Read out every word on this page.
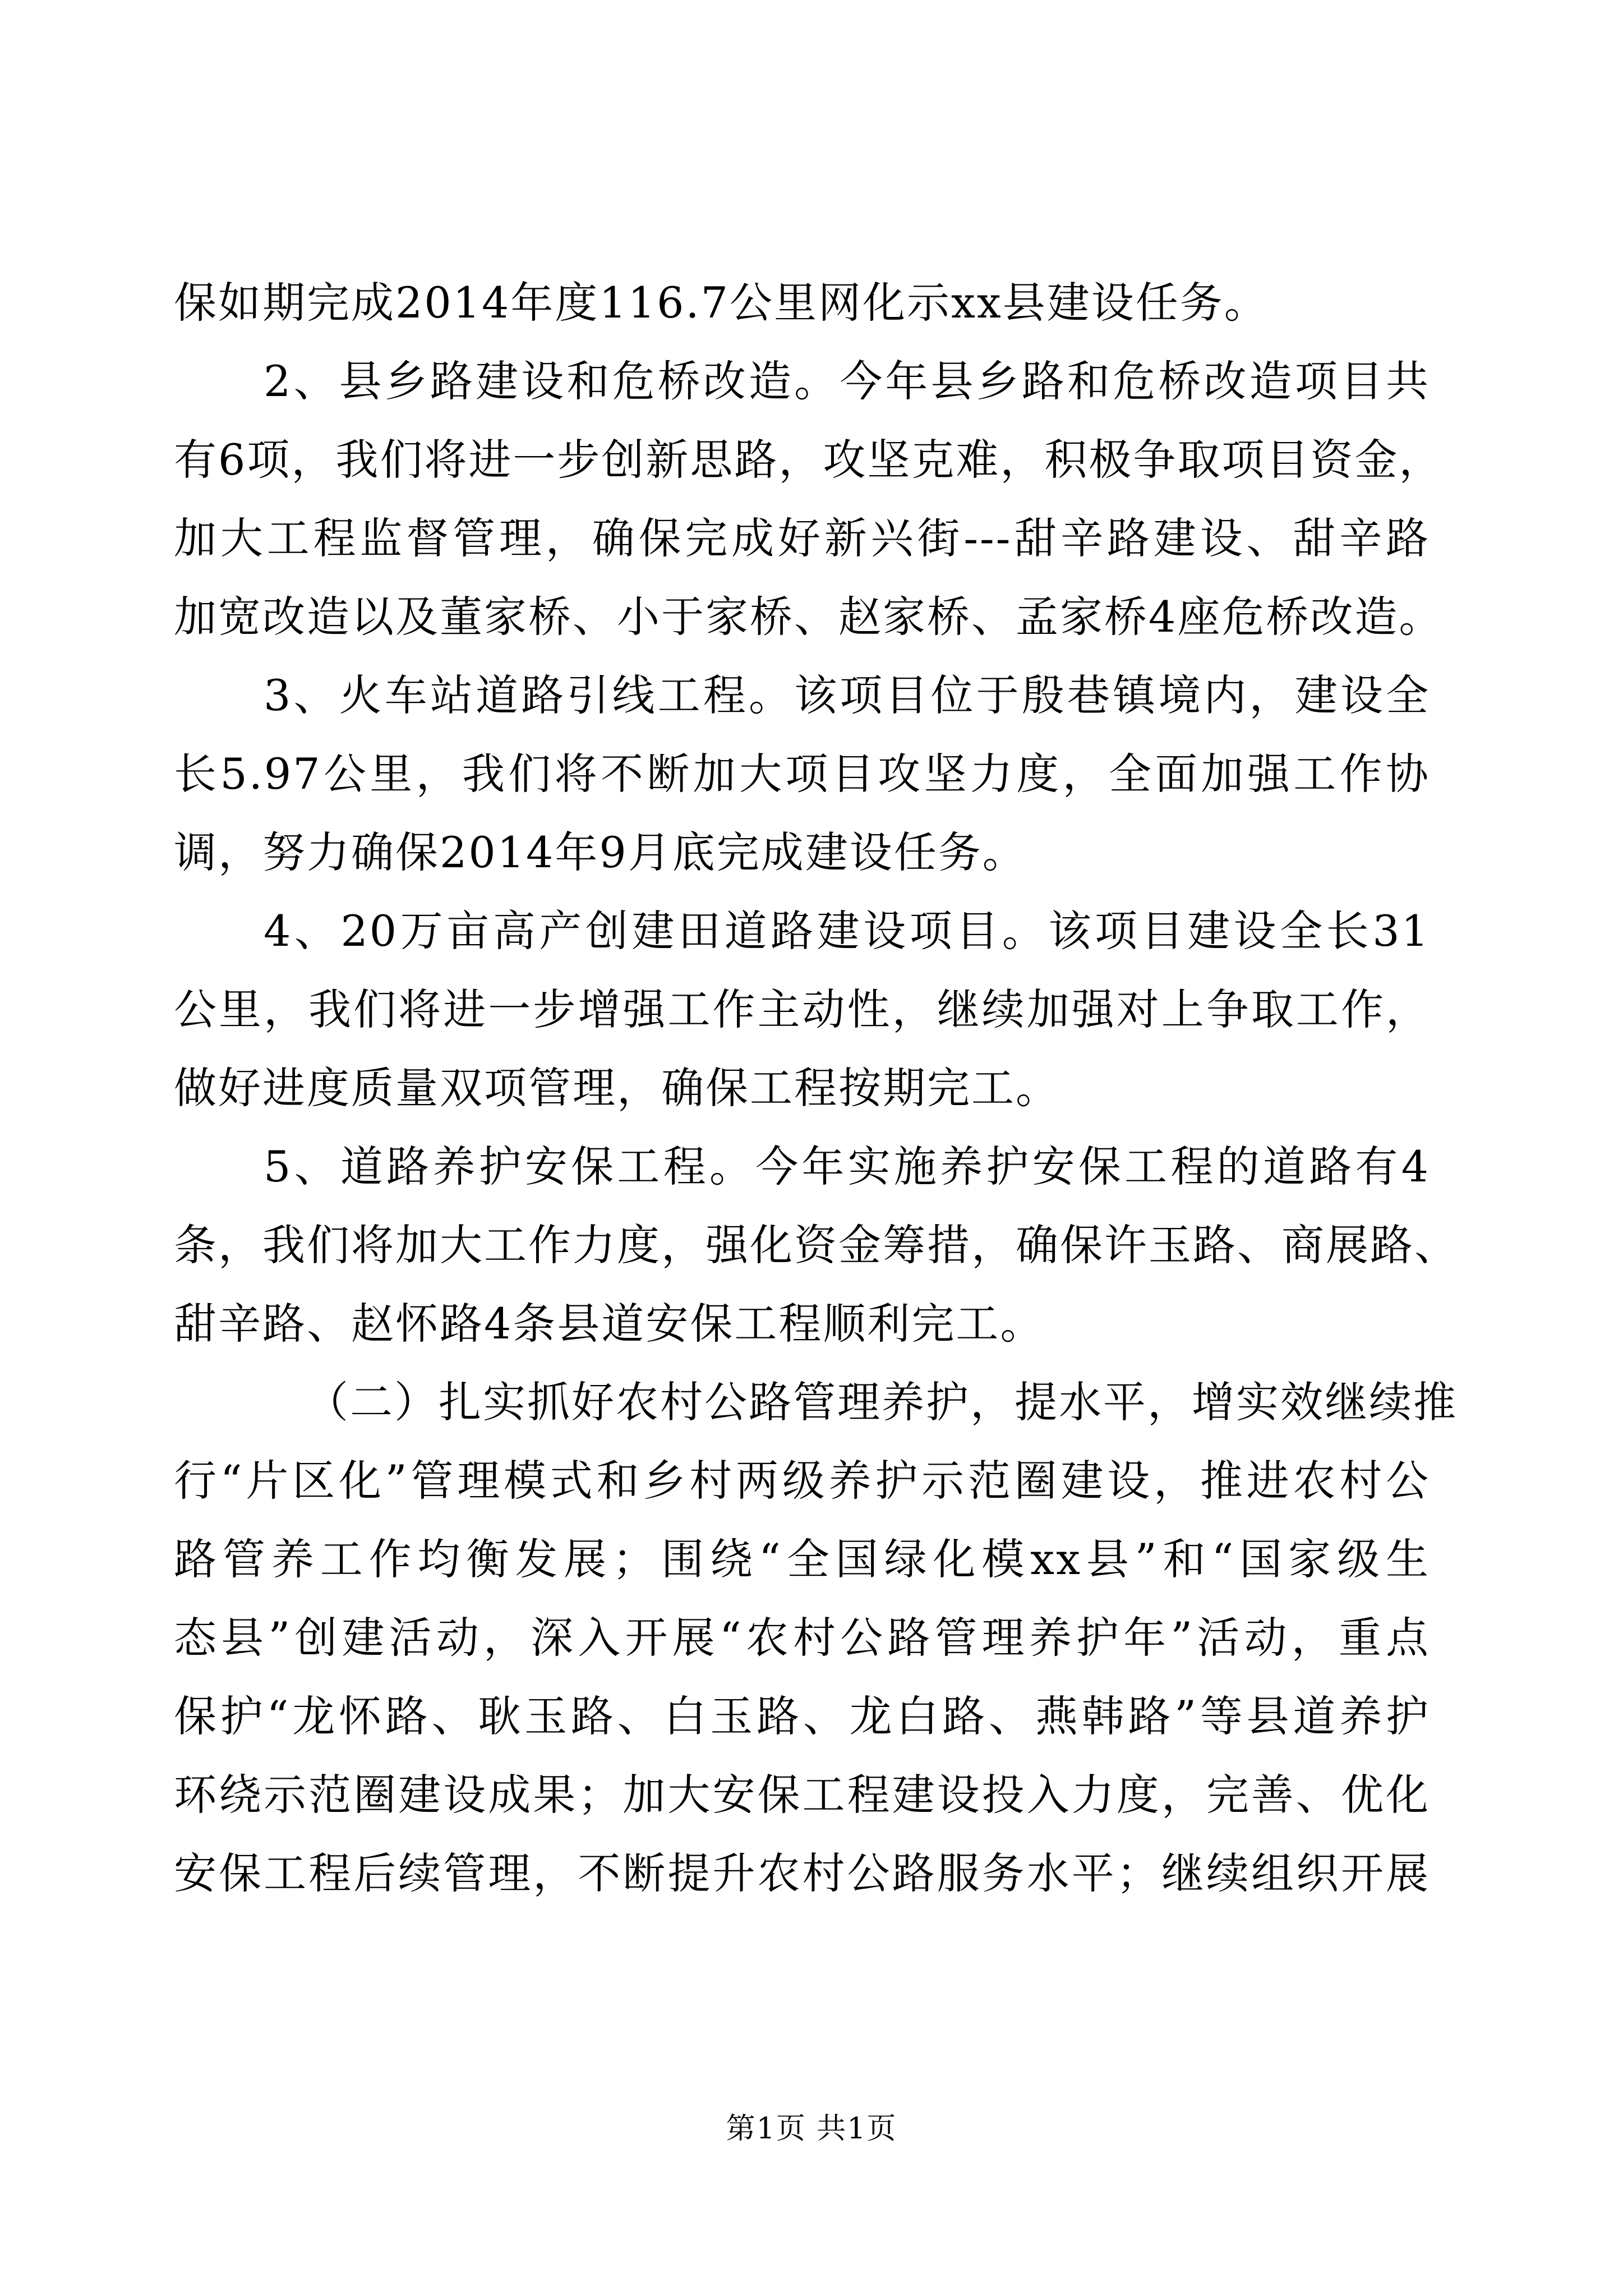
保如期完成2014年度116.7公里网化示xx县建设任务。
2、县乡路建设和危桥改造。今年县乡路和危桥改造项目共
有6项，我们将进一步创新思路，攻坚克难，积极争取项目资金，
加大工程监督管理，确保完成好新兴街---甜辛路建设、甜辛路
加宽改造以及董家桥、小于家桥、赵家桥、孟家桥4座危桥改造。
3、火车站道路引线工程。该项目位于殷巷镇境内，建设全
长5.97公里，我们将不断加大项目攻坚力度，全面加强工作协
调，努力确保2014年9月底完成建设任务。
4、20万亩高产创建田道路建设项目。该项目建设全长31
公里，我们将进一步增强工作主动性，继续加强对上争取工作，
做好进度质量双项管理，确保工程按期完工。
5、道路养护安保工程。今年实施养护安保工程的道路有4
条，我们将加大工作力度，强化资金筹措，确保许玉路、商展路、
甜辛路、赵怀路4条县道安保工程顺利完工。
（二）扎实抓好农村公路管理养护，提水平，增实效继续推
行“片区化”管理模式和乡村两级养护示范圈建设，推进农村公
路管养工作均衡发展；围绕“全国绿化模xx县”和“国家级生
态县”创建活动，深入开展“农村公路管理养护年”活动，重点
保护“龙怀路、耿玉路、白玉路、龙白路、燕韩路”等县道养护
环绕示范圈建设成果；加大安保工程建设投入力度，完善、优化
安保工程后续管理，不断提升农村公路服务水平；继续组织开展
第1页 共1页
